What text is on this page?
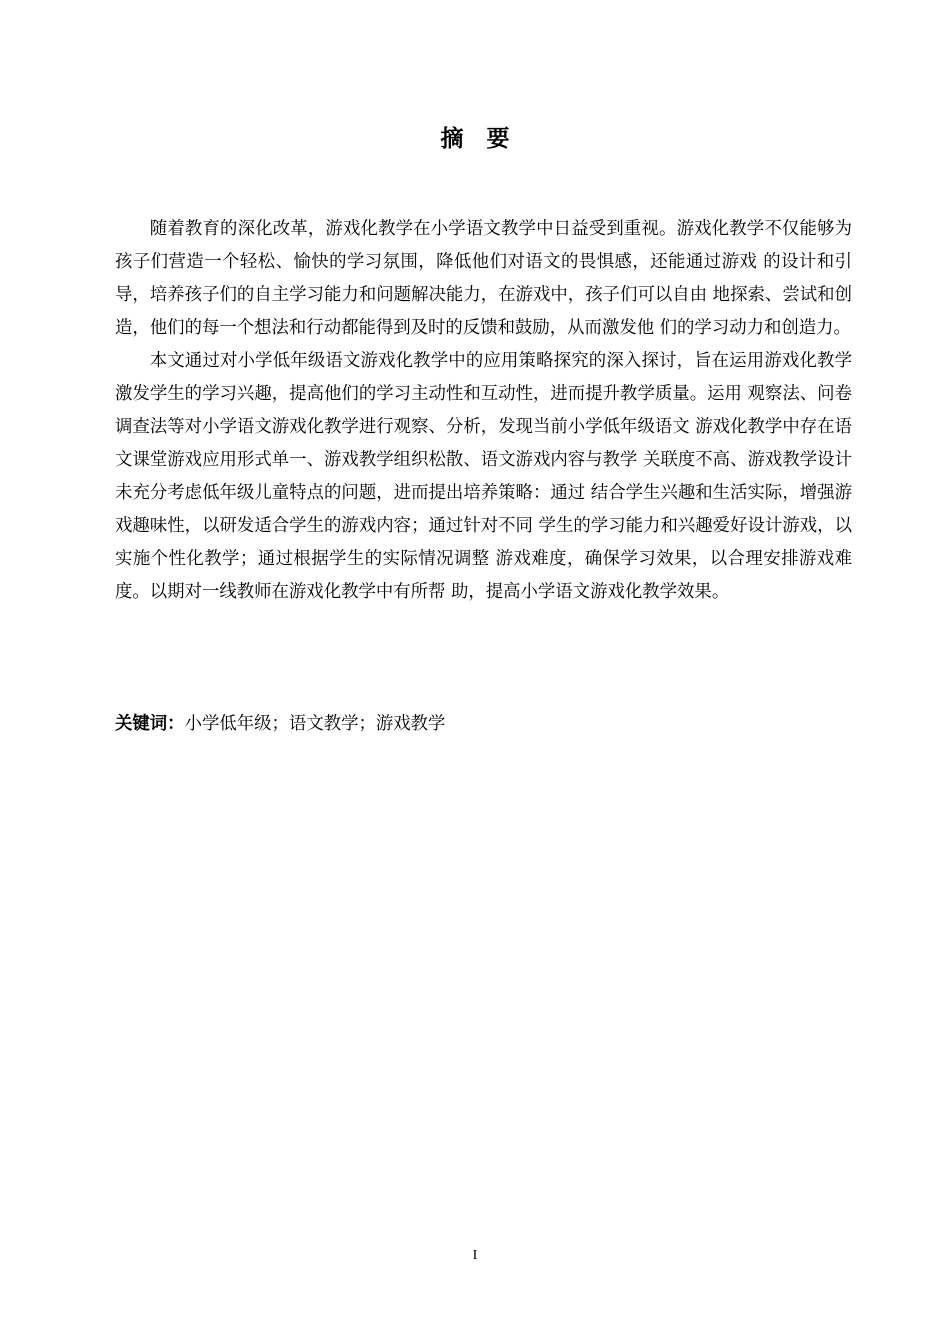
摘　要

随着教育的深化改革，游戏化教学在小学语文教学中日益受到重视。游戏化教学不仅能够为孩子们营造一个轻松、愉快的学习氛围，降低他们对语文的畏惧感，还能通过游戏 的设计和引导，培养孩子们的自主学习能力和问题解决能力，在游戏中，孩子们可以自由 地探索、尝试和创造，他们的每一个想法和行动都能得到及时的反馈和鼓励，从而激发他 们的学习动力和创造力。

本文通过对小学低年级语文游戏化教学中的应用策略探究的深入探讨，旨在运用游戏化教学激发学生的学习兴趣，提高他们的学习主动性和互动性，进而提升教学质量。运用 观察法、问卷调查法等对小学语文游戏化教学进行观察、分析，发现当前小学低年级语文 游戏化教学中存在语文课堂游戏应用形式单一、游戏教学组织松散、语文游戏内容与教学 关联度不高、游戏教学设计未充分考虑低年级儿童特点的问题，进而提出培养策略：通过 结合学生兴趣和生活实际，增强游戏趣味性，以研发适合学生的游戏内容；通过针对不同 学生的学习能力和兴趣爱好设计游戏，以实施个性化教学；通过根据学生的实际情况调整 游戏难度，确保学习效果，以合理安排游戏难度。以期对一线教师在游戏化教学中有所帮 助，提高小学语文游戏化教学效果。

关键词：小学低年级；语文教学；游戏教学

I
